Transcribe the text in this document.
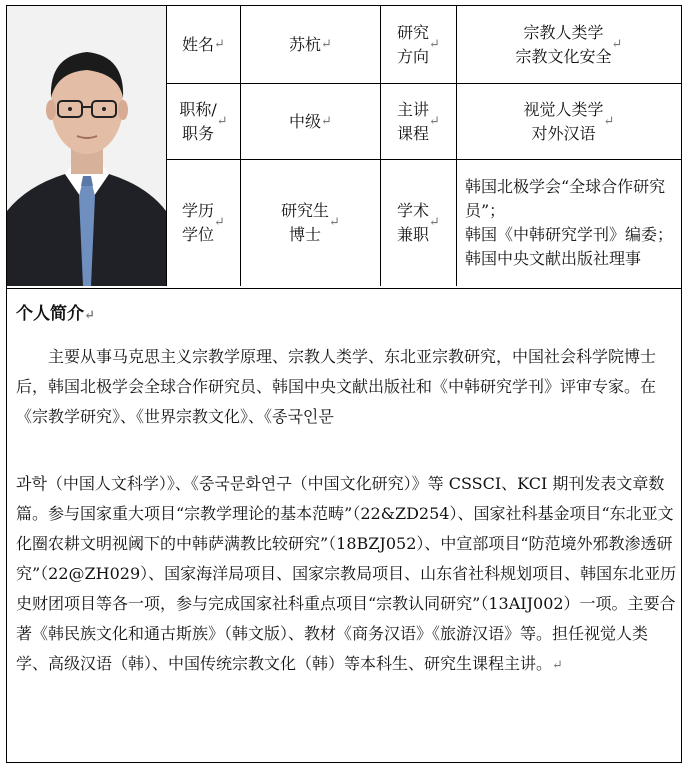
姓名 ↵	苏杭 ↵
研究
方向
↵
宗教人类学
宗教文化安全
↵
职称/
职务
↵	中级 ↵
主讲
课程
↵
视觉人类学
对外汉语
↵
学历
学位
↵
研究生
博士
↵
学术
兼职
↵
韩国北极学会“全球合作研究员”；
韩国《中韩研究学刊》编委；
韩国中央文献出版社理事
个人简介↵
主要从事马克思主义宗教学原理、宗教人类学、东北亚宗教研究，中国社会科学院博士后，韩国北极学会全球合作研究员、韩国中央文献出版社和《中韩研究学刊》评审专家。在《宗教学研究》、《世界宗教文化》、《종국인문
과학（中国人文科学）》、《중국문화연구（中国文化研究）》等 CSSCI、KCI 期刊发表文章数篇。参与国家重大项目“宗教学理论的基本范畴”（22&ZD254）、国家社科基金项目“东北亚文化圈农耕文明视阈下的中韩萨满教比较研究”（18BZJ052）、中宣部项目“防范境外邪教渗透研究”（22@ZH029）、国家海洋局项目、国家宗教局项目、山东省社科规划项目、韩国东北亚历史财团项目等各一项，参与完成国家社科重点项目“宗教认同研究”（13AIJ002）一项。主要合著《韩民族文化和通古斯族》（韩文版）、教材《商务汉语》《旅游汉语》等。担任视觉人类学、高级汉语（韩）、中国传统宗教文化（韩）等本科生、研究生课程主讲。↵
